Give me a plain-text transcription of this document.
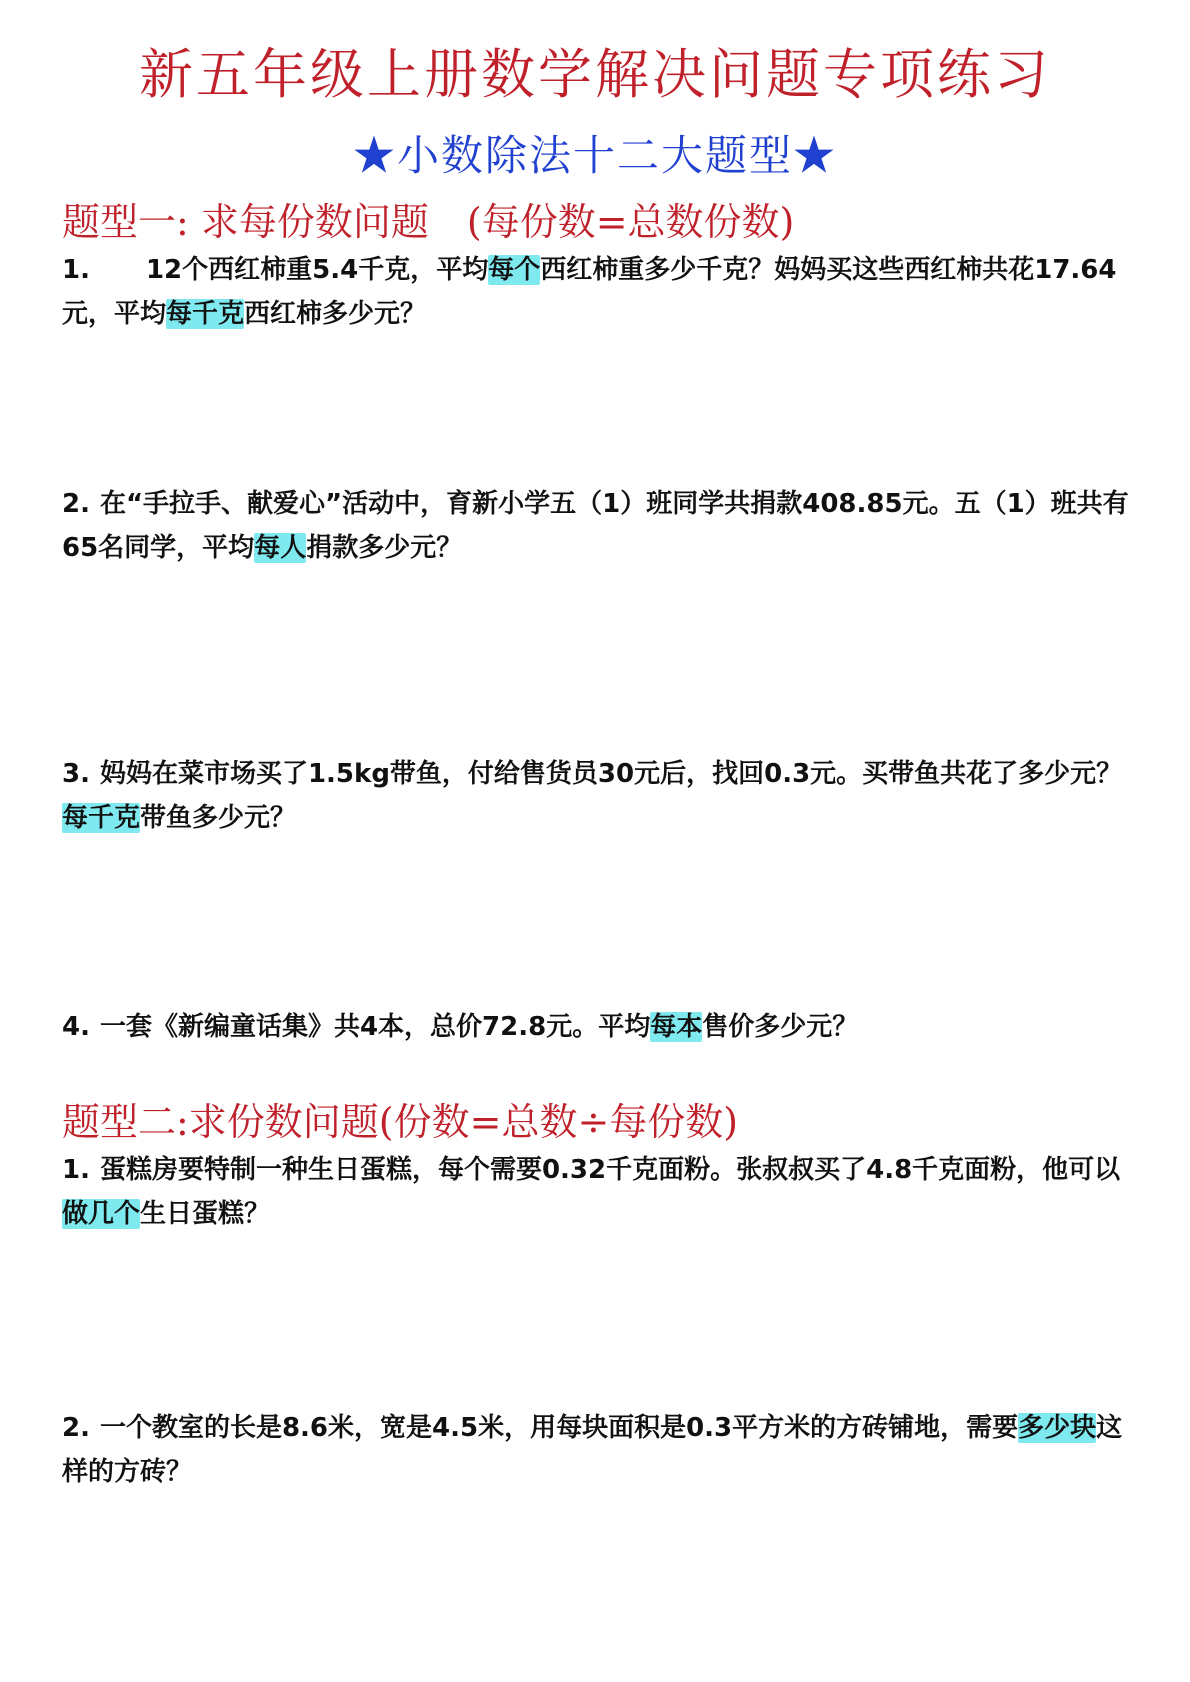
新五年级上册数学解决问题专项练习
★小数除法十二大题型★
题型一: 求每份数问题　(每份数=总数份数)
1. 12个西红柿重5.4千克，平均每个西红柿重多少千克？妈妈买这些西红柿共花17.64元，平均每千克西红柿多少元？
2. 在“手拉手、献爱心”活动中，育新小学五（1）班同学共捐款408.85元。五（1）班共有65名同学，平均每人捐款多少元？
3. 妈妈在菜市场买了1.5kg带鱼，付给售货员30元后，找回0.3元。买带鱼共花了多少元？每千克带鱼多少元？
4. 一套《新编童话集》共4本，总价72.8元。平均每本售价多少元？
题型二:求份数问题(份数=总数÷每份数)
1. 蛋糕房要特制一种生日蛋糕，每个需要0.32千克面粉。张叔叔买了4.8千克面粉，他可以做几个生日蛋糕？
2. 一个教室的长是8.6米，宽是4.5米，用每块面积是0.3平方米的方砖铺地，需要多少块这样的方砖？
